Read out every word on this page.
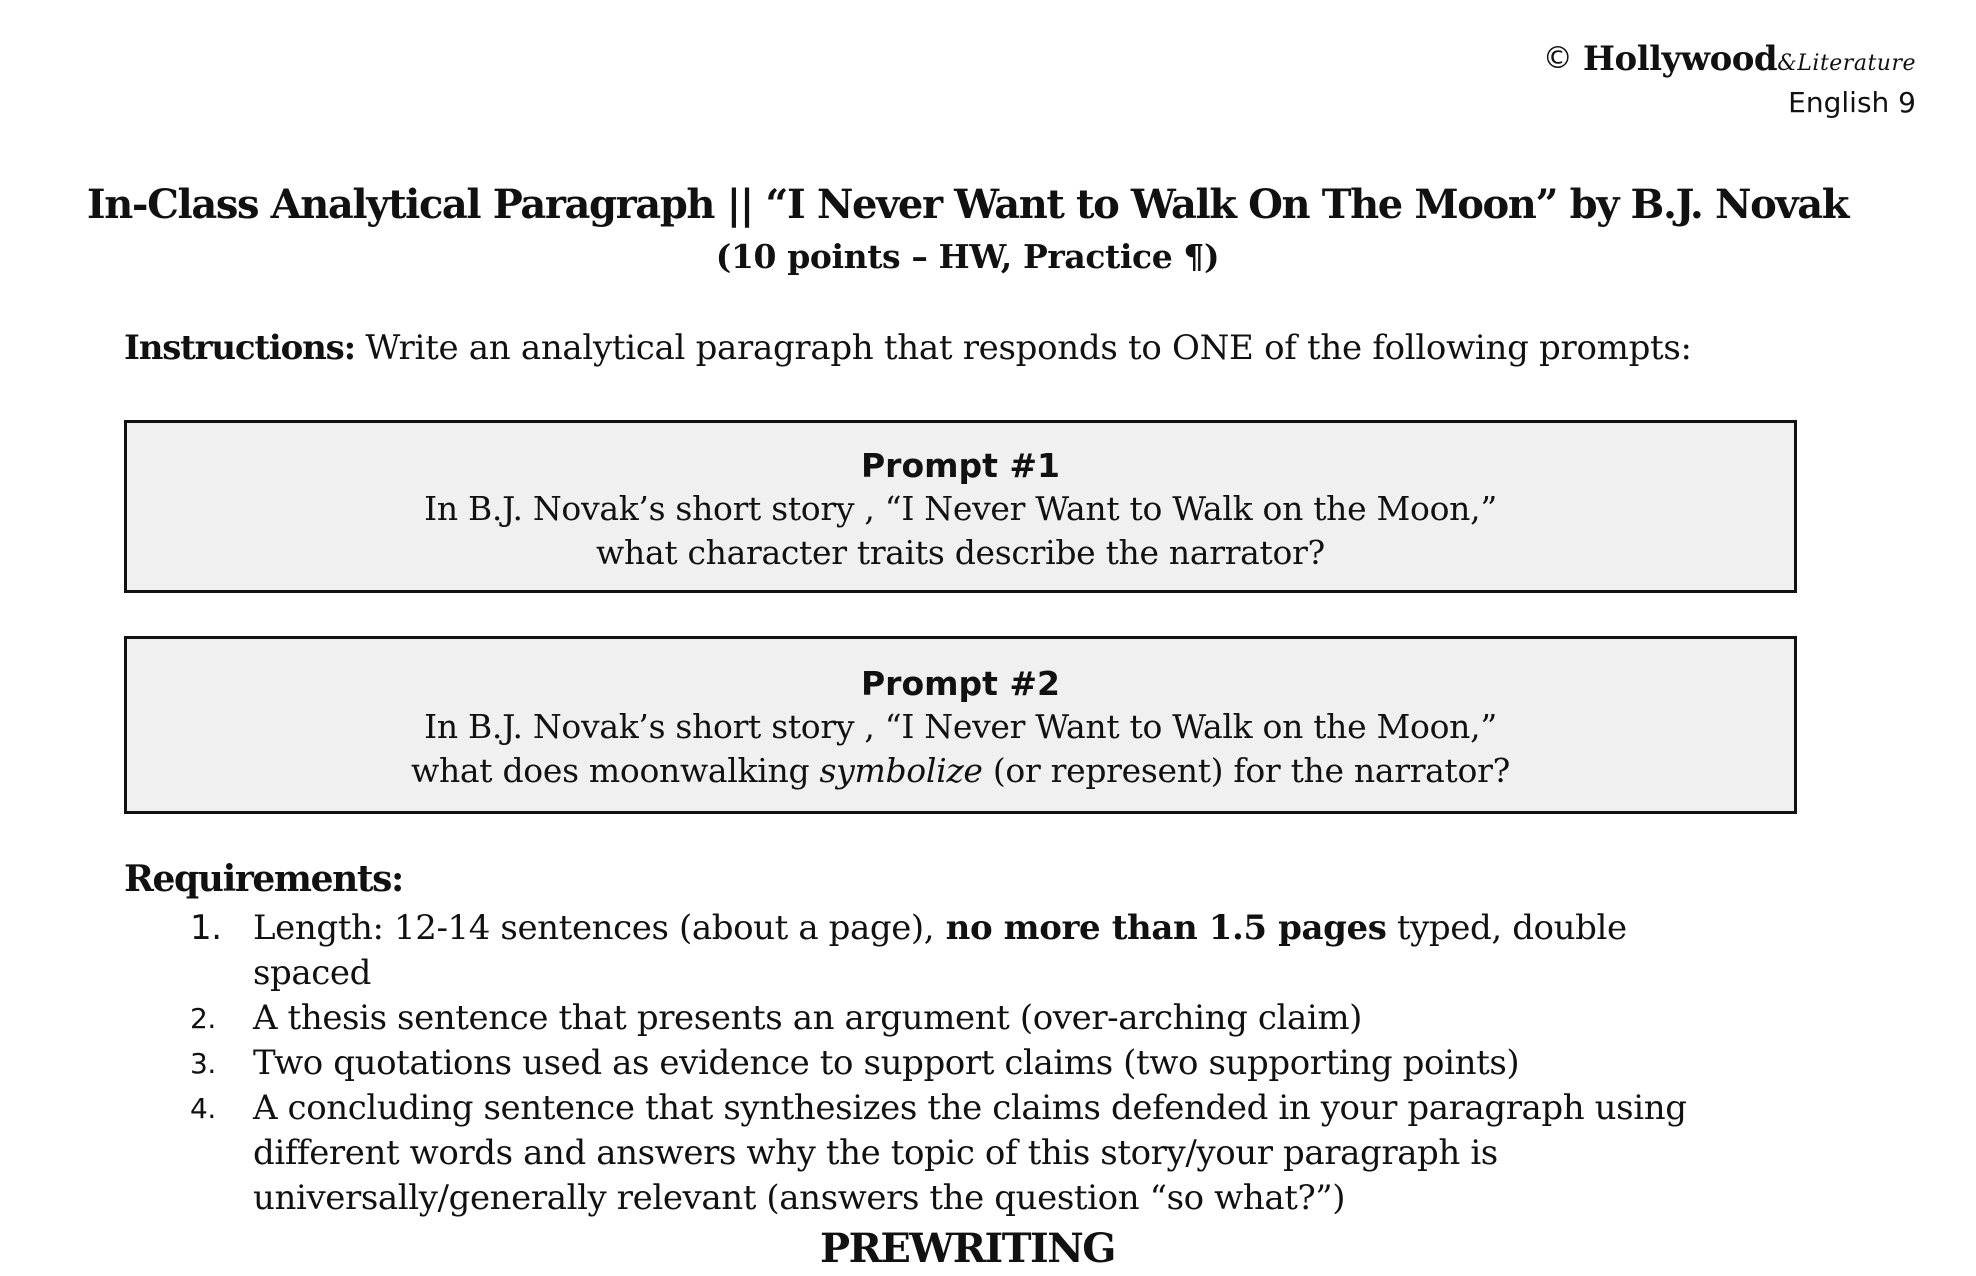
© Hollywood&Literature
English 9
In-Class Analytical Paragraph || “I Never Want to Walk On The Moon” by B.J. Novak

(10 points – HW, Practice ¶)

Instructions: Write an analytical paragraph that responds to ONE of the following prompts:
Prompt #1
In B.J. Novak’s short story , “I Never Want to Walk on the Moon,”
what character traits describe the narrator?
Prompt #2
In B.J. Novak’s short story , “I Never Want to Walk on the Moon,”
what does moonwalking symbolize (or represent) for the narrator?
Requirements:
1. Length: 12-14 sentences (about a page), no more than 1.5 pages typed, double spaced
2. A thesis sentence that presents an argument (over-arching claim)
3. Two quotations used as evidence to support claims (two supporting points)
4. A concluding sentence that synthesizes the claims defended in your paragraph using different words and answers why the topic of this story/your paragraph is universally/generally relevant (answers the question “so what?”)
PREWRITING
